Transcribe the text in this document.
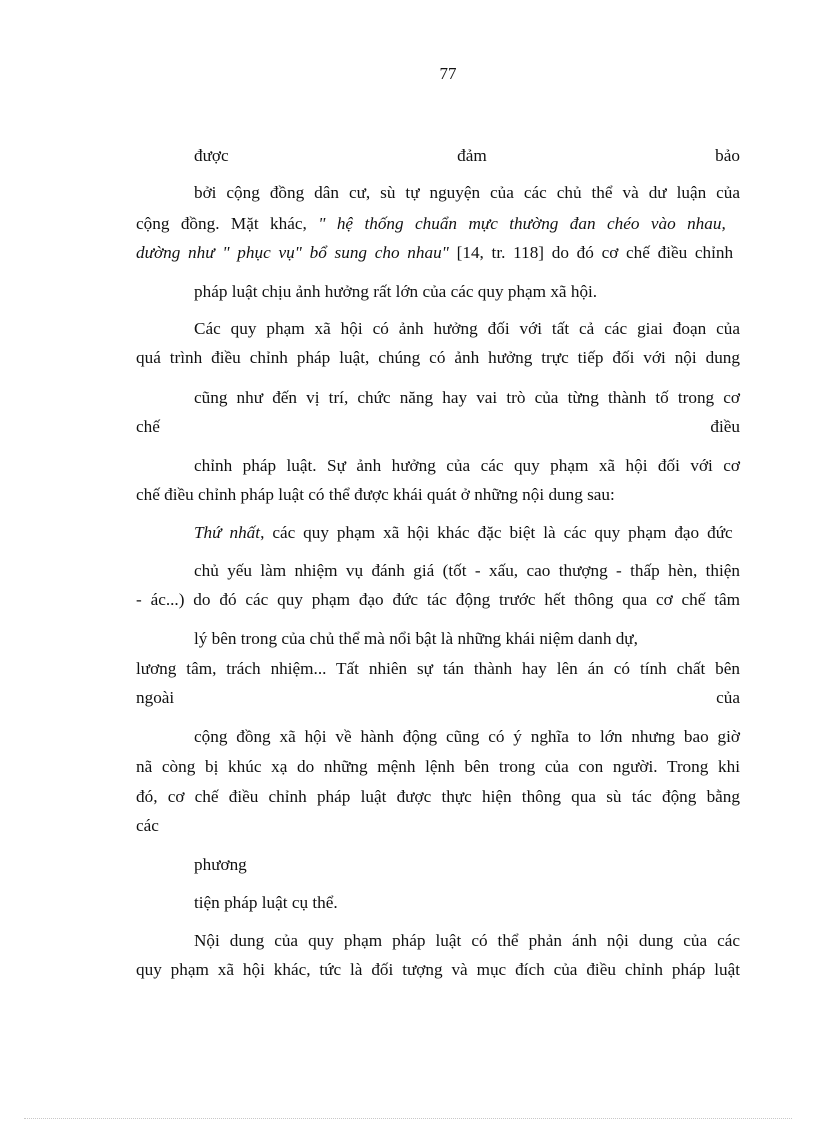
77
được	đảm	bảo
bởi cộng đồng dân cư, sù tự nguyện của các chủ thể và dư luận của
cộng đồng. Mặt khác, " hệ thống chuẩn mực thường đan chéo vào nhau,
dường như " phục vụ" bổ sung cho nhau" [14, tr. 118] do đó cơ chế điều chỉnh
pháp luật chịu ảnh hưởng rất lớn của các quy phạm xã hội.
Các quy phạm xã hội có ảnh hưởng đối với tất cả các giai đoạn của
quá trình điều chỉnh pháp luật, chúng có ảnh hưởng trực tiếp đối với nội dung
cũng như đến vị trí, chức năng hay vai trò của từng thành tố trong cơ
chế	điều
chỉnh pháp luật. Sự ảnh hưởng của các quy phạm xã hội đối với cơ
chế điều chỉnh pháp luật có thể được khái quát ở những nội dung sau:
Thứ nhất, các quy phạm xã hội khác đặc biệt là các quy phạm đạo đức
chủ yếu làm nhiệm vụ đánh giá (tốt - xấu, cao thượng - thấp hèn, thiện
- ác...) do đó các quy phạm đạo đức tác động trước hết thông qua cơ chế tâm
lý bên trong của chủ thể mà nổi bật là những khái niệm danh dự,
lương tâm, trách nhiệm... Tất nhiên sự tán thành hay lên án có tính chất bên
ngoài	của
cộng đồng xã hội về hành động cũng có ý nghĩa to lớn nhưng bao giờ
nã còng bị khúc xạ do những mệnh lệnh bên trong của con người. Trong khi
đó, cơ chế điều chỉnh pháp luật được thực hiện thông qua sù tác động bằng
các
phương
tiện pháp luật cụ thể.
Nội dung của quy phạm pháp luật có thể phản ánh nội dung của các
quy phạm xã hội khác, tức là đối tượng và mục đích của điều chỉnh pháp luật
